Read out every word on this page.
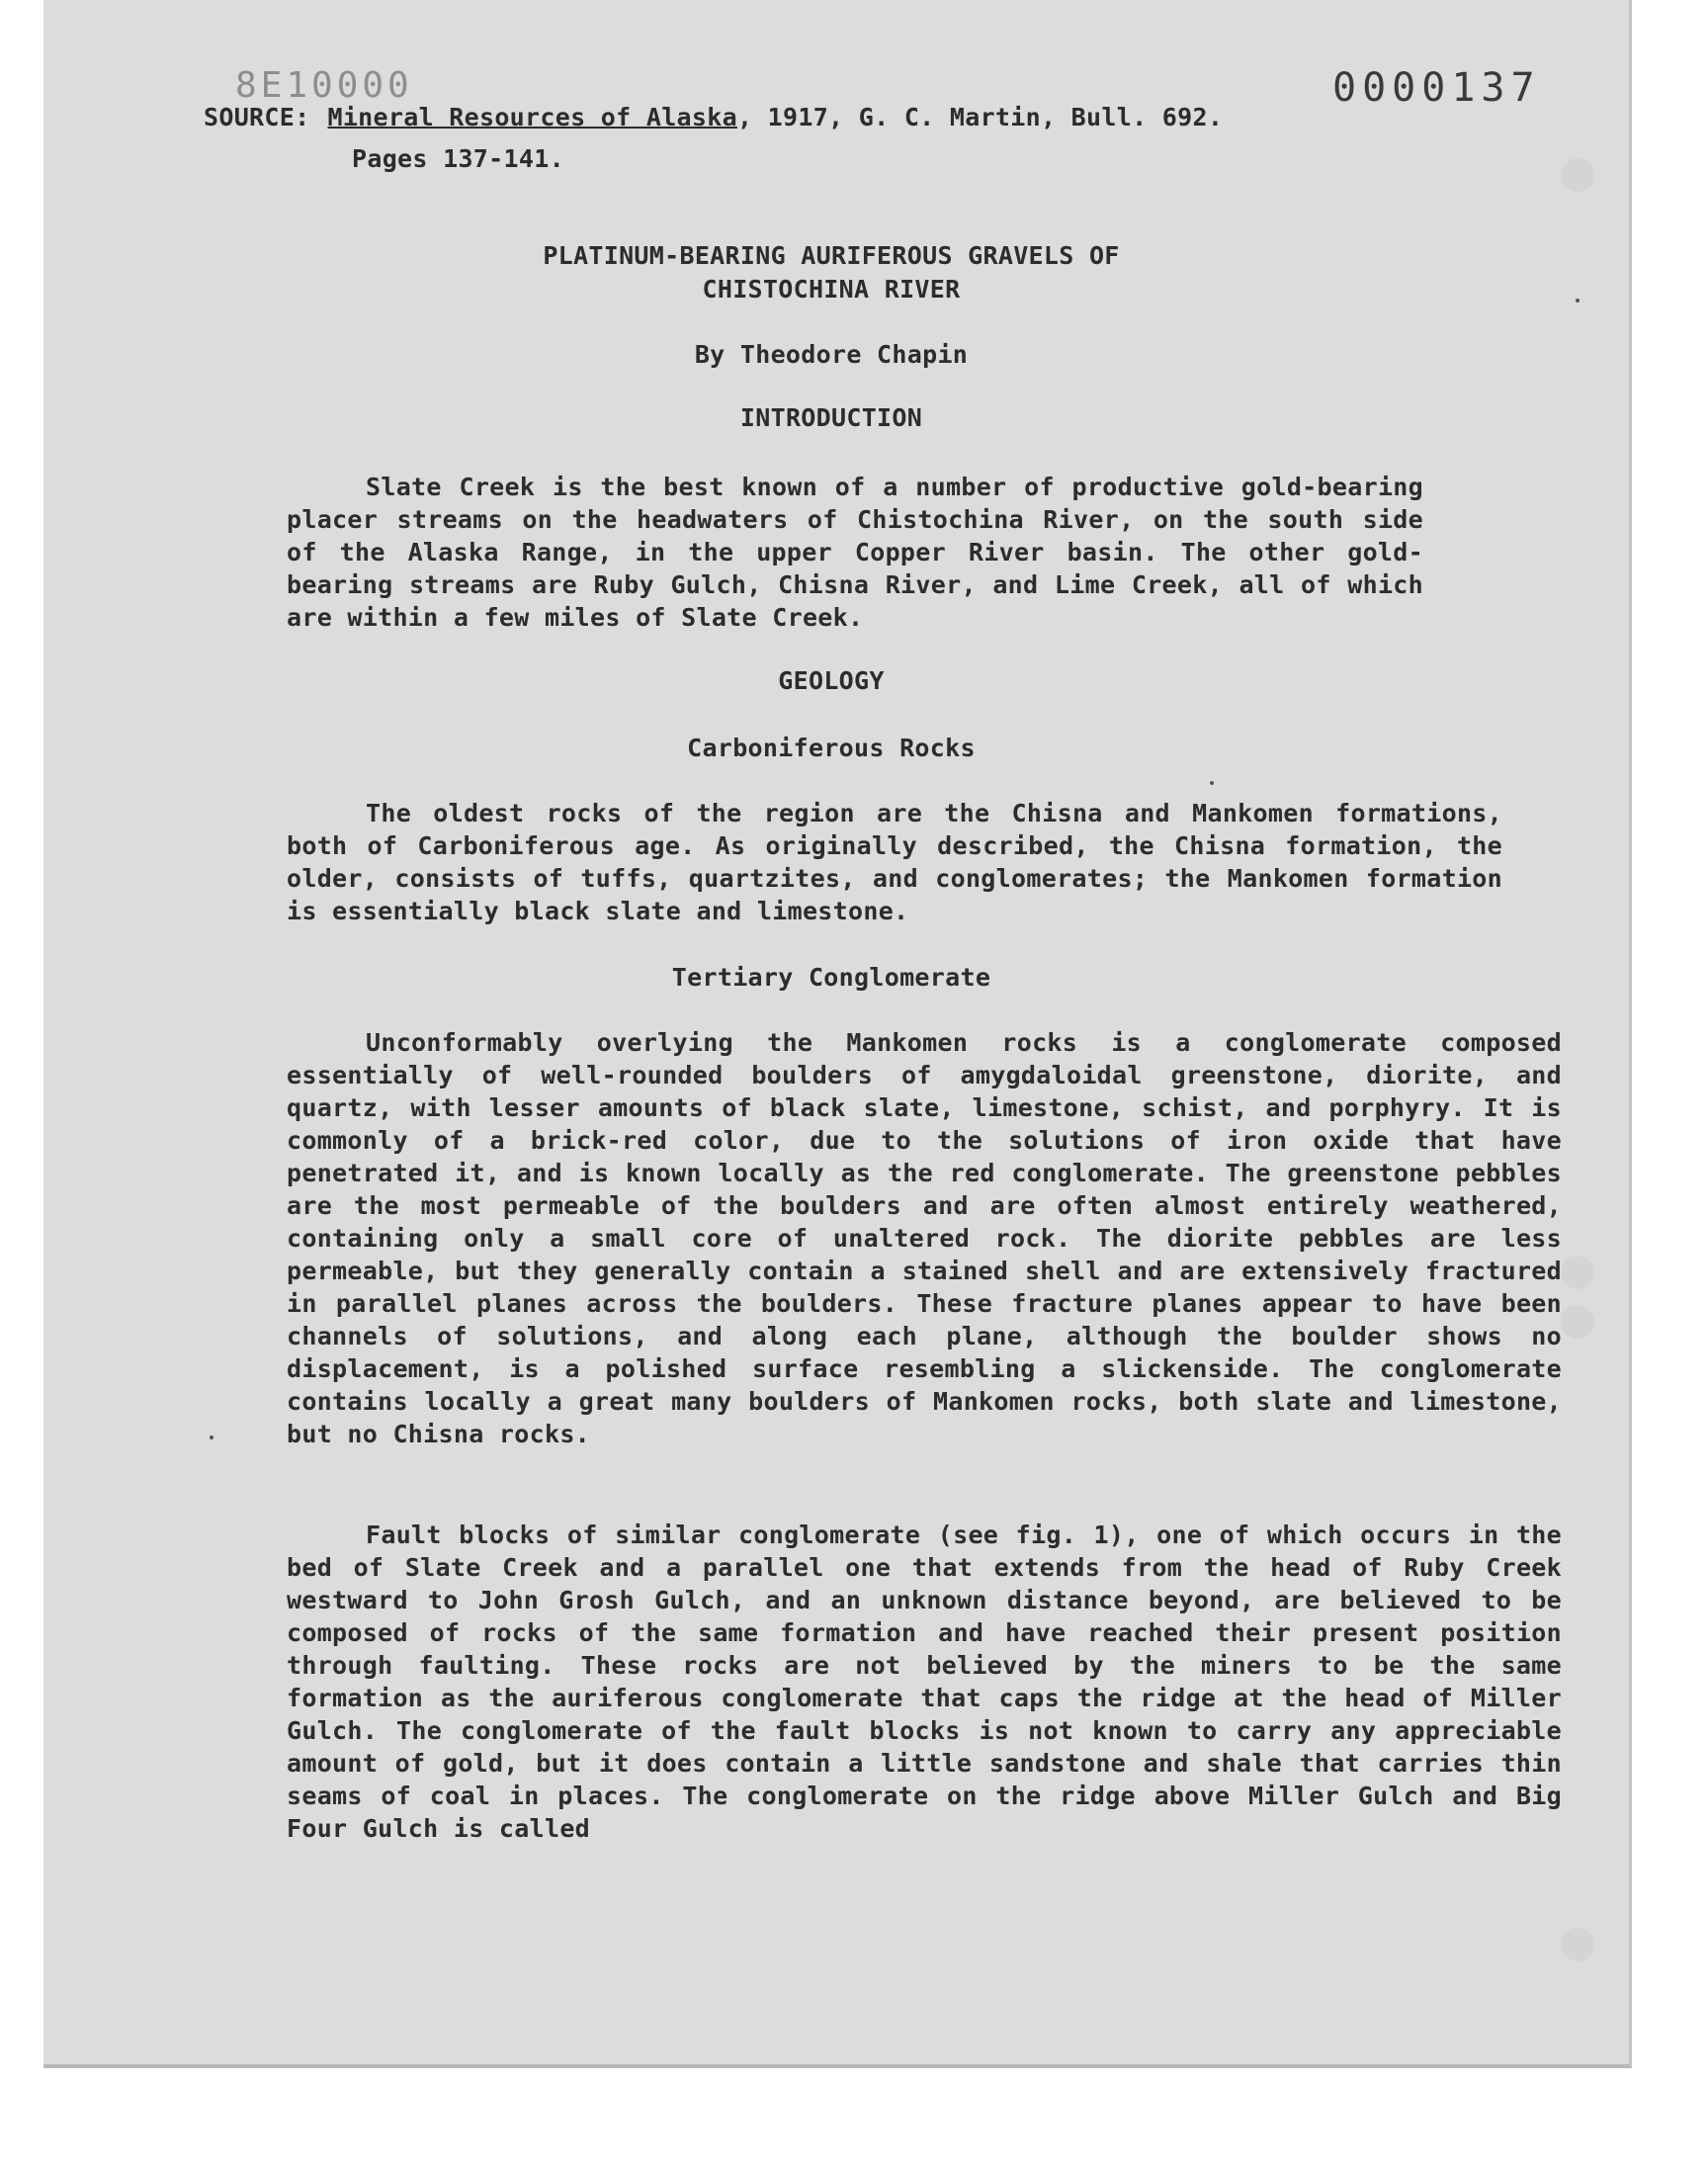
8E10000	0000137
SOURCE: Mineral Resources of Alaska, 1917, G. C. Martin, Bull. 692.
Pages 137-141.
PLATINUM-BEARING AURIFEROUS GRAVELS OF
CHISTOCHINA RIVER
By Theodore Chapin
INTRODUCTION
Slate Creek is the best known of a number of productive gold-bearing placer streams on the headwaters of Chistochina River, on the south side of the Alaska Range, in the upper Copper River basin. The other gold-bearing streams are Ruby Gulch, Chisna River, and Lime Creek, all of which are within a few miles of Slate Creek.
GEOLOGY
Carboniferous Rocks
The oldest rocks of the region are the Chisna and Mankomen formations, both of Carboniferous age. As originally described, the Chisna formation, the older, consists of tuffs, quartzites, and conglomerates; the Mankomen formation is essentially black slate and limestone.
Tertiary Conglomerate
Unconformably overlying the Mankomen rocks is a conglomerate composed essentially of well-rounded boulders of amygdaloidal greenstone, diorite, and quartz, with lesser amounts of black slate, limestone, schist, and porphyry. It is commonly of a brick-red color, due to the solutions of iron oxide that have penetrated it, and is known locally as the red conglomerate. The greenstone pebbles are the most permeable of the boulders and are often almost entirely weathered, containing only a small core of unaltered rock. The diorite pebbles are less permeable, but they generally contain a stained shell and are extensively fractured in parallel planes across the boulders. These fracture planes appear to have been channels of solutions, and along each plane, although the boulder shows no displacement, is a polished surface resembling a slickenside. The conglomerate contains locally a great many boulders of Mankomen rocks, both slate and limestone, but no Chisna rocks.
Fault blocks of similar conglomerate (see fig. 1), one of which occurs in the bed of Slate Creek and a parallel one that extends from the head of Ruby Creek westward to John Grosh Gulch, and an unknown distance beyond, are believed to be composed of rocks of the same formation and have reached their present position through faulting. These rocks are not believed by the miners to be the same formation as the auriferous conglomerate that caps the ridge at the head of Miller Gulch. The conglomerate of the fault blocks is not known to carry any appreciable amount of gold, but it does contain a little sandstone and shale that carries thin seams of coal in places. The conglomerate on the ridge above Miller Gulch and Big Four Gulch is called
